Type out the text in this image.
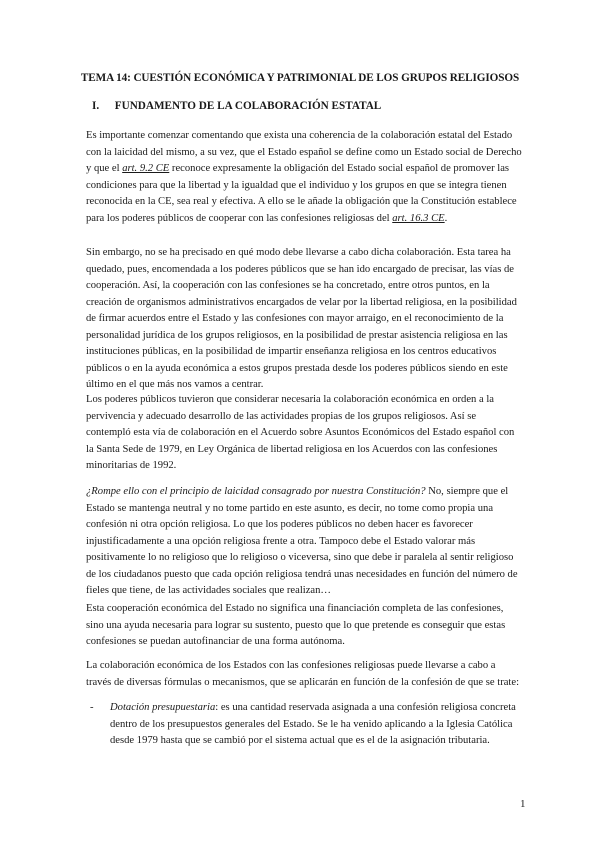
TEMA 14: CUESTIÓN ECONÓMICA Y PATRIMONIAL DE LOS GRUPOS RELIGIOSOS
I. FUNDAMENTO DE LA COLABORACIÓN ESTATAL

Es importante comenzar comentando que exista una coherencia de la colaboración estatal del Estado con la laicidad del mismo, a su vez, que el Estado español se define como un Estado social de Derecho y que el art. 9.2 CE reconoce expresamente la obligación del Estado social español de promover las condiciones para que la libertad y la igualdad que el individuo y los grupos en que se integra tienen reconocida en la CE, sea real y efectiva. A ello se le añade la obligación que la Constitución establece para los poderes públicos de cooperar con las confesiones religiosas del art. 16.3 CE.

Sin embargo, no se ha precisado en qué modo debe llevarse a cabo dicha colaboración. Esta tarea ha quedado, pues, encomendada a los poderes públicos que se han ido encargado de precisar, las vías de cooperación. Así, la cooperación con las confesiones se ha concretado, entre otros puntos, en la creación de organismos administrativos encargados de velar por la libertad religiosa, en la posibilidad de firmar acuerdos entre el Estado y las confesiones con mayor arraigo, en el reconocimiento de la personalidad jurídica de los grupos religiosos, en la posibilidad de prestar asistencia religiosa en las instituciones públicas, en la posibilidad de impartir enseñanza religiosa en los centros educativos públicos o en la ayuda económica a estos grupos prestada desde los poderes públicos siendo en este último en el que más nos vamos a centrar.

Los poderes públicos tuvieron que considerar necesaria la colaboración económica en orden a la pervivencia y adecuado desarrollo de las actividades propias de los grupos religiosos. Así se contempló esta vía de colaboración en el Acuerdo sobre Asuntos Económicos del Estado español con la Santa Sede de 1979, en Ley Orgánica de libertad religiosa en los Acuerdos con las confesiones minoritarias de 1992.

¿Rompe ello con el principio de laicidad consagrado por nuestra Constitución? No, siempre que el Estado se mantenga neutral y no tome partido en este asunto, es decir, no tome como propia una confesión ni otra opción religiosa. Lo que los poderes públicos no deben hacer es favorecer injustificadamente a una opción religiosa frente a otra. Tampoco debe el Estado valorar más positivamente lo no religioso que lo religioso o viceversa, sino que debe ir paralela al sentir religioso de los ciudadanos puesto que cada opción religiosa tendrá unas necesidades en función del número de fieles que tiene, de las actividades sociales que realizan…

Esta cooperación económica del Estado no significa una financiación completa de las confesiones, sino una ayuda necesaria para lograr su sustento, puesto que lo que pretende es conseguir que estas confesiones se puedan autofinanciar de una forma autónoma.

La colaboración económica de los Estados con las confesiones religiosas puede llevarse a cabo a través de diversas fórmulas o mecanismos, que se aplicarán en función de la confesión de que se trate:

- Dotación presupuestaria: es una cantidad reservada asignada a una confesión religiosa concreta dentro de los presupuestos generales del Estado. Se le ha venido aplicando a la Iglesia Católica desde 1979 hasta que se cambió por el sistema actual que es el de la asignación tributaria.
1
